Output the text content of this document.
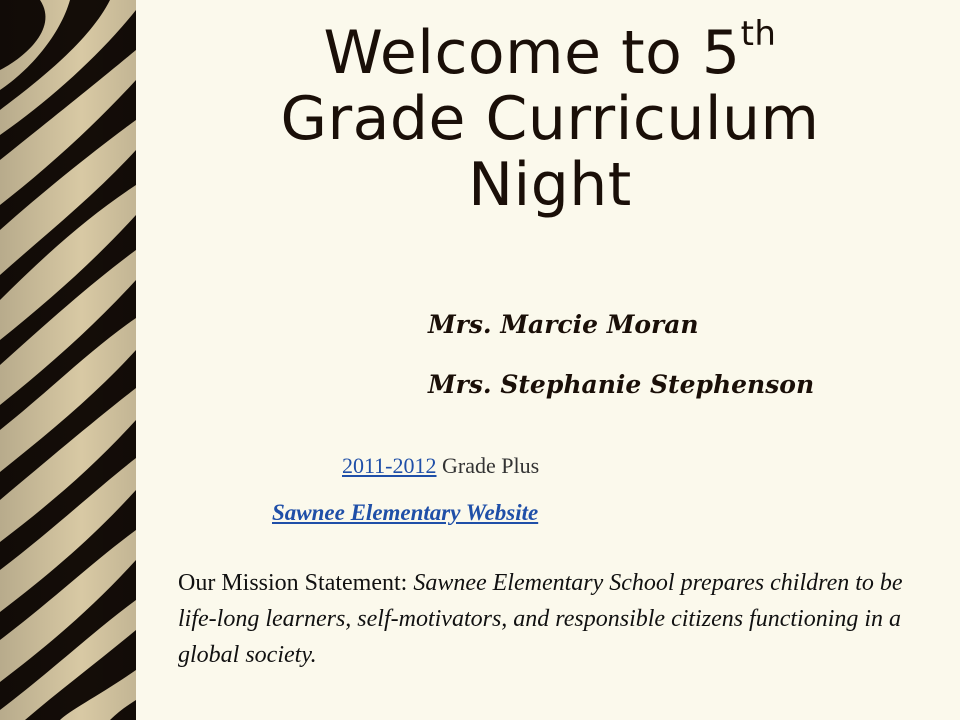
Welcome to 5th
Grade Curriculum
Night
Mrs. Marcie Moran
Mrs. Stephanie Stephenson
2011-2012 Grade Plus
Sawnee Elementary Website
Our Mission Statement: Sawnee Elementary School prepares children to be life-long learners, self-motivators, and responsible citizens functioning in a global society.
